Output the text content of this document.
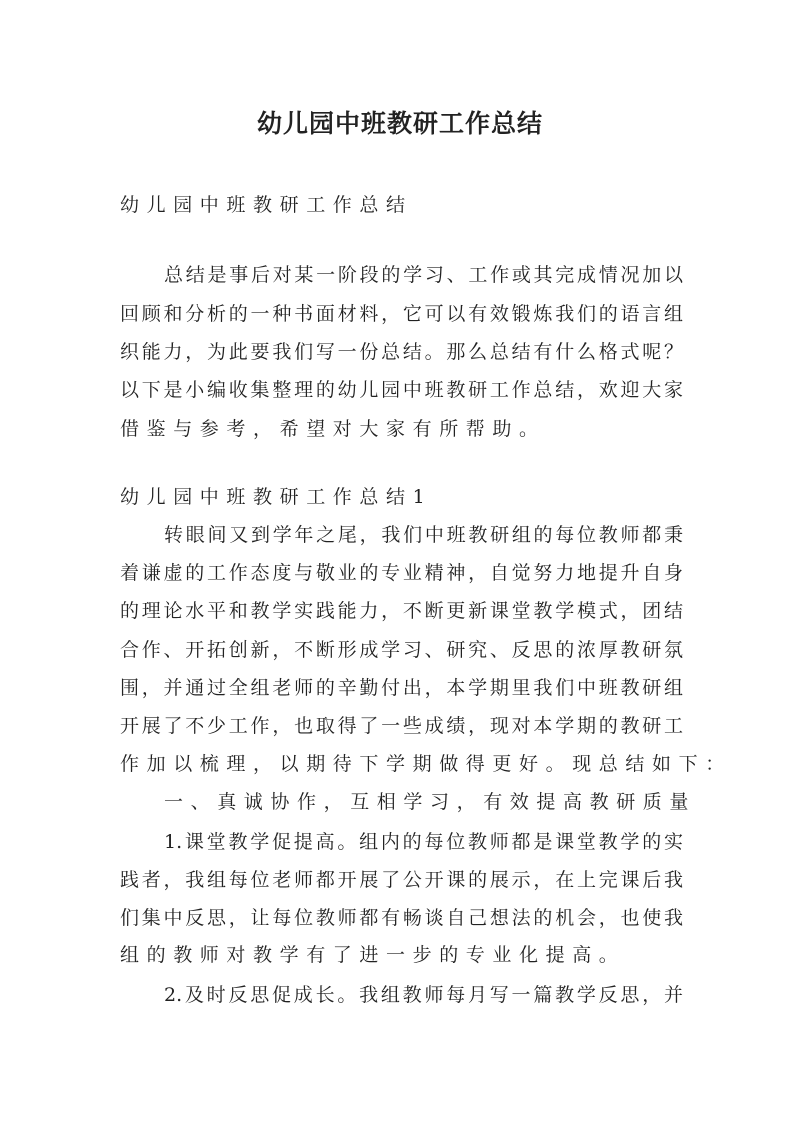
幼儿园中班教研工作总结
幼儿园中班教研工作总结
总结是事后对某一阶段的学习、工作或其完成情况加以
回顾和分析的一种书面材料，它可以有效锻炼我们的语言组
织能力，为此要我们写一份总结。那么总结有什么格式呢？
以下是小编收集整理的幼儿园中班教研工作总结，欢迎大家
借鉴与参考，希望对大家有所帮助。
幼儿园中班教研工作总结1
转眼间又到学年之尾，我们中班教研组的每位教师都秉
着谦虚的工作态度与敬业的专业精神，自觉努力地提升自身
的理论水平和教学实践能力，不断更新课堂教学模式，团结
合作、开拓创新，不断形成学习、研究、反思的浓厚教研氛
围，并通过全组老师的辛勤付出，本学期里我们中班教研组
开展了不少工作，也取得了一些成绩，现对本学期的教研工
作加以梳理，以期待下学期做得更好。现总结如下：
一、真诚协作，互相学习，有效提高教研质量
1.课堂教学促提高。组内的每位教师都是课堂教学的实
践者，我组每位老师都开展了公开课的展示，在上完课后我
们集中反思，让每位教师都有畅谈自己想法的机会，也使我
组的教师对教学有了进一步的专业化提高。
2.及时反思促成长。我组教师每月写一篇教学反思，并
